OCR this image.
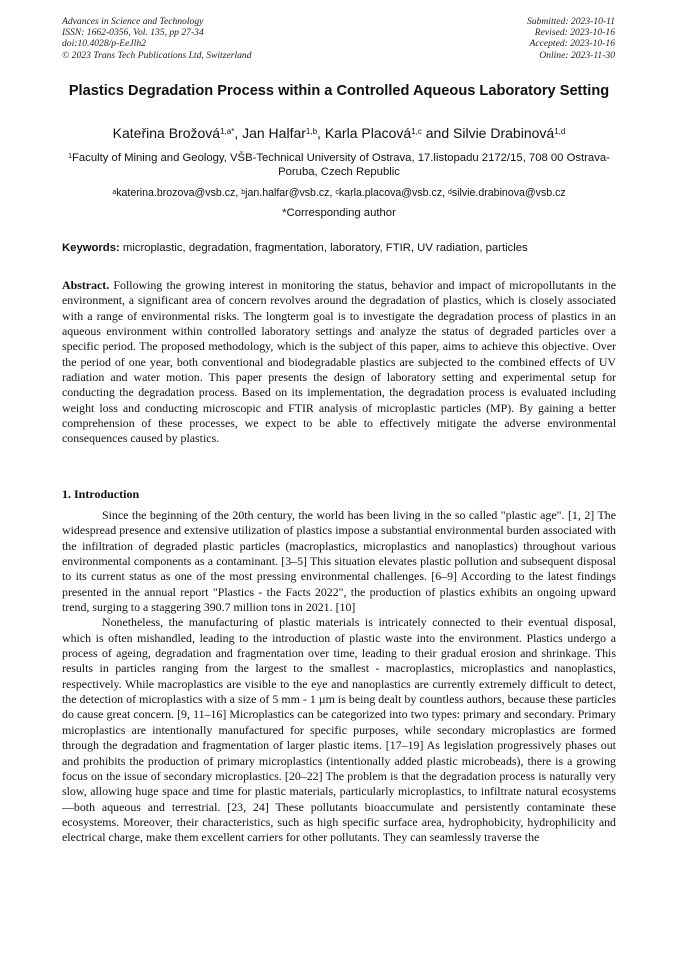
Advances in Science and Technology
ISSN: 1662-0356, Vol. 135, pp 27-34
doi:10.4028/p-EeJlh2
© 2023 Trans Tech Publications Ltd, Switzerland
Submitted: 2023-10-11
Revised: 2023-10-16
Accepted: 2023-10-16
Online: 2023-11-30
Plastics Degradation Process within a Controlled Aqueous Laboratory Setting
Kateřina Brožová$^{1,a*}$, Jan Halfar$^{1,b}$, Karla Placová$^{1,c}$ and Silvie Drabinová$^{1,d}$
$^1$Faculty of Mining and Geology, VŠB-Technical University of Ostrava, 17.listopadu 2172/15, 708 00 Ostrava-Poruba, Czech Republic
$^a$katerina.brozova@vsb.cz, $^b$jan.halfar@vsb.cz, $^c$karla.placova@vsb.cz, $^d$silvie.drabinova@vsb.cz
*Corresponding author
Keywords: microplastic, degradation, fragmentation, laboratory, FTIR, UV radiation, particles
Abstract. Following the growing interest in monitoring the status, behavior and impact of micropollutants in the environment, a significant area of concern revolves around the degradation of plastics, which is closely associated with a range of environmental risks. The longterm goal is to investigate the degradation process of plastics in an aqueous environment within controlled laboratory settings and analyze the status of degraded particles over a specific period. The proposed methodology, which is the subject of this paper, aims to achieve this objective. Over the period of one year, both conventional and biodegradable plastics are subjected to the combined effects of UV radiation and water motion. This paper presents the design of laboratory setting and experimental setup for conducting the degradation process. Based on its implementation, the degradation process is evaluated including weight loss and conducting microscopic and FTIR analysis of microplastic particles (MP). By gaining a better comprehension of these processes, we expect to be able to effectively mitigate the adverse environmental consequences caused by plastics.
1. Introduction

Since the beginning of the 20th century, the world has been living in the so called "plastic age". [1, 2] The widespread presence and extensive utilization of plastics impose a substantial environmental burden associated with the infiltration of degraded plastic particles (macroplastics, microplastics and nanoplastics) throughout various environmental components as a contaminant. [3–5] This situation elevates plastic pollution and subsequent disposal to its current status as one of the most pressing environmental challenges. [6–9] According to the latest findings presented in the annual report "Plastics - the Facts 2022", the production of plastics exhibits an ongoing upward trend, surging to a staggering 390.7 million tons in 2021. [10]

Nonetheless, the manufacturing of plastic materials is intricately connected to their eventual disposal, which is often mishandled, leading to the introduction of plastic waste into the environment. Plastics undergo a process of ageing, degradation and fragmentation over time, leading to their gradual erosion and shrinkage. This results in particles ranging from the largest to the smallest - macroplastics, microplastics and nanoplastics, respectively. While macroplastics are visible to the eye and nanoplastics are currently extremely difficult to detect, the detection of microplastics with a size of 5 mm - 1 µm is being dealt by countless authors, because these particles do cause great concern. [9, 11–16] Microplastics can be categorized into two types: primary and secondary. Primary microplastics are intentionally manufactured for specific purposes, while secondary microplastics are formed through the degradation and fragmentation of larger plastic items. [17–19] As legislation progressively phases out and prohibits the production of primary microplastics (intentionally added plastic microbeads), there is a growing focus on the issue of secondary microplastics. [20–22] The problem is that the degradation process is naturally very slow, allowing huge space and time for plastic materials, particularly microplastics, to infiltrate natural ecosystems—both aqueous and terrestrial. [23, 24] These pollutants bioaccumulate and persistently contaminate these ecosystems. Moreover, their characteristics, such as high specific surface area, hydrophobicity, hydrophilicity and electrical charge, make them excellent carriers for other pollutants. They can seamlessly traverse the
